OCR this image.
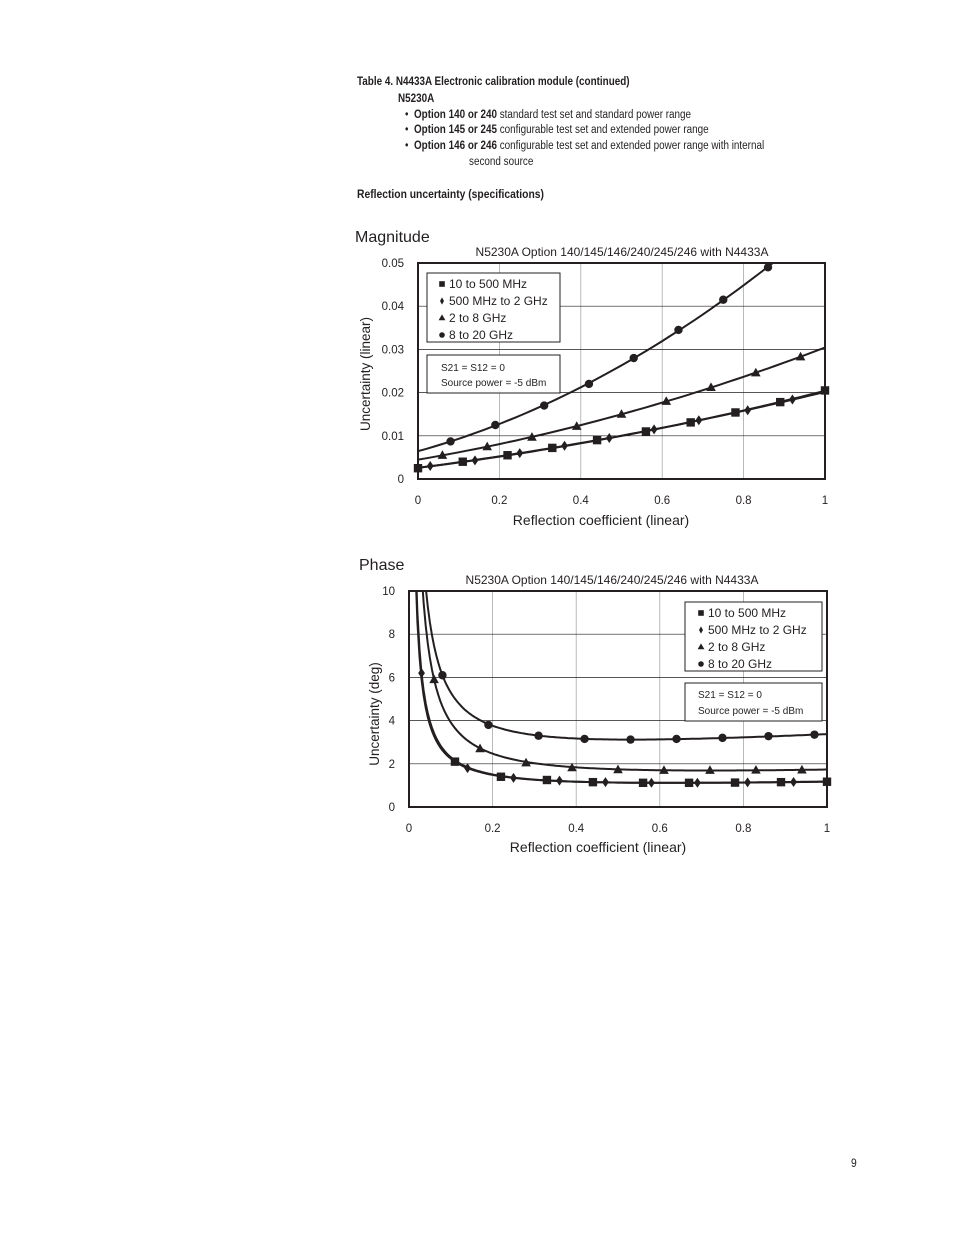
Table 4. N4433A Electronic calibration module (continued)
N5230A
•  Option 140 or 240 standard test set and standard power range
•  Option 145 or 245 configurable test set and extended power range
•  Option 146 or 246 configurable test set and extended power range with internal
second source
Reflection uncertainty (specifications)
Magnitude
N5230A Option 140/145/146/240/245/246 with N4433A
Reflection coefficient (linear)
Uncertainty (linear)
0	0.2	0.4	0.6	0.8	1
0
0.01
0.02
0.03
0.04
0.05
10 to 500 MHz
500 MHz to 2 GHz
2 to 8 GHz
8 to 20 GHz
S21 = S12 = 0
Source power = -5 dBm
Phase
N5230A Option 140/145/146/240/245/246 with N4433A
Reflection coefficient (linear)
Uncertainty (deg)
0	0.2	0.4	0.6	0.8	1
0
2
4
6
8
10
10 to 500 MHz
500 MHz to 2 GHz
2 to 8 GHz
8 to 20 GHz
S21 = S12 = 0
Source power = -5 dBm
9
